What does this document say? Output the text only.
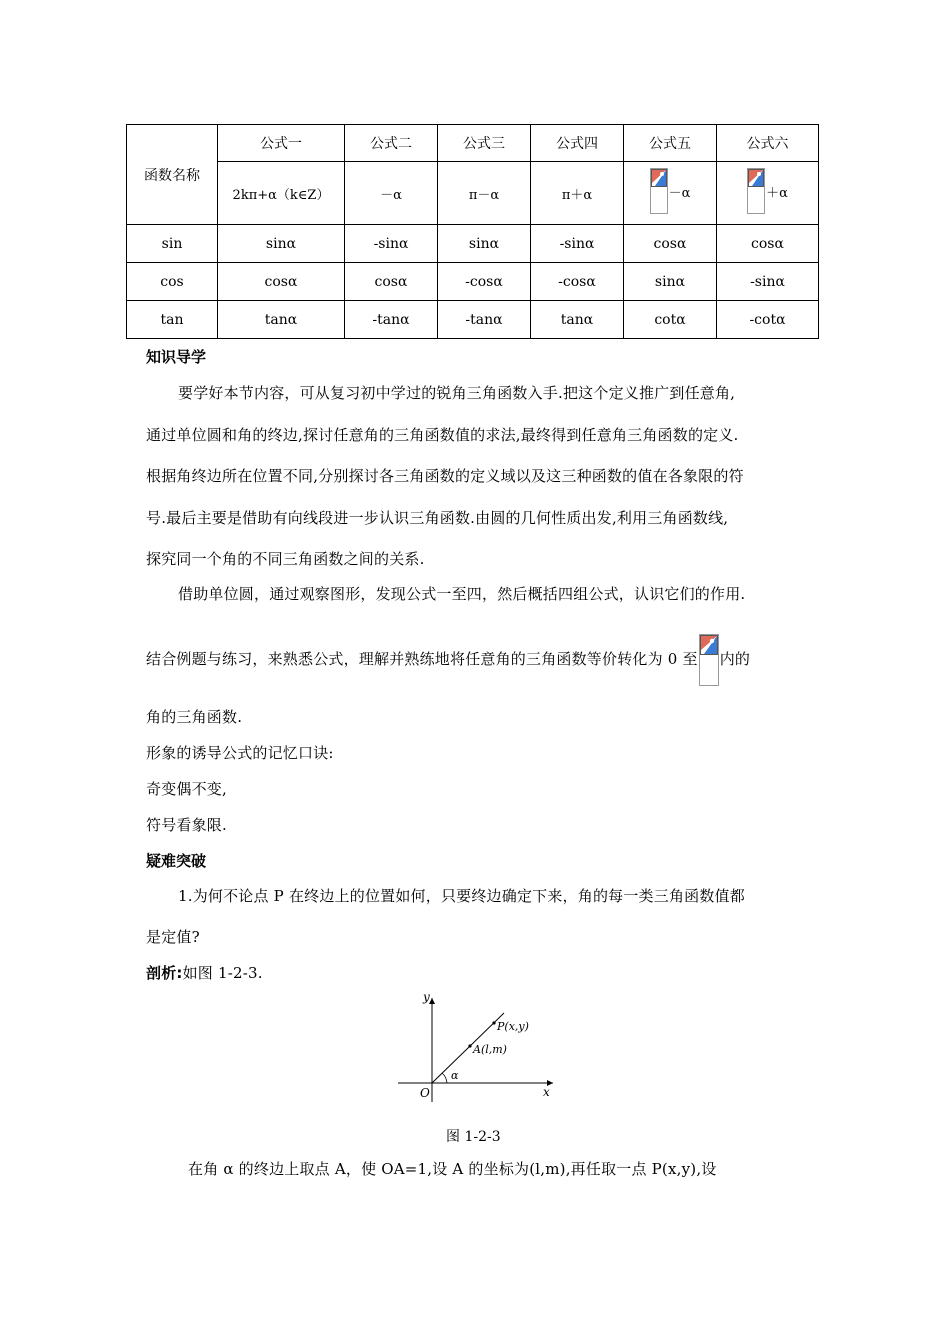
函数名称	公式一	公式二	公式三	公式四	公式五	公式六
	2kπ+α（k∈Z）	－α	π－α	π＋α	－α	＋α

sin	sinα	-sinα	sinα	-sinα	cosα	cosα
cos	cosα	cosα	-cosα	-cosα	sinα	-sinα
tan	tanα	-tanα	-tanα	tanα	cotα	-cotα
知识导学
要学好本节内容，可从复习初中学过的锐角三角函数入手.把这个定义推广到任意角,
通过单位圆和角的终边,探讨任意角的三角函数值的求法,最终得到任意角三角函数的定义.
根据角终边所在位置不同,分别探讨各三角函数的定义域以及这三种函数的值在各象限的符
号.最后主要是借助有向线段进一步认识三角函数.由圆的几何性质出发,利用三角函数线,
探究同一个角的不同三角函数之间的关系.
借助单位圆，通过观察图形，发现公式一至四，然后概括四组公式，认识它们的作用.
结合例题与练习，来熟悉公式，理解并熟练地将任意角的三角函数等价转化为 0 至 内的
角的三角函数.
形象的诱导公式的记忆口诀:
奇变偶不变,
符号看象限.
疑难突破
1.为何不论点 P 在终边上的位置如何，只要终边确定下来，角的每一类三角函数值都
是定值?
剖析:如图 1-2-3.
y
x
O
α
A(l,m)
P(x,y)
图 1-2-3
在角 α 的终边上取点 A，使 OA=1,设 A 的坐标为(l,m),再任取一点 P(x,y),设
